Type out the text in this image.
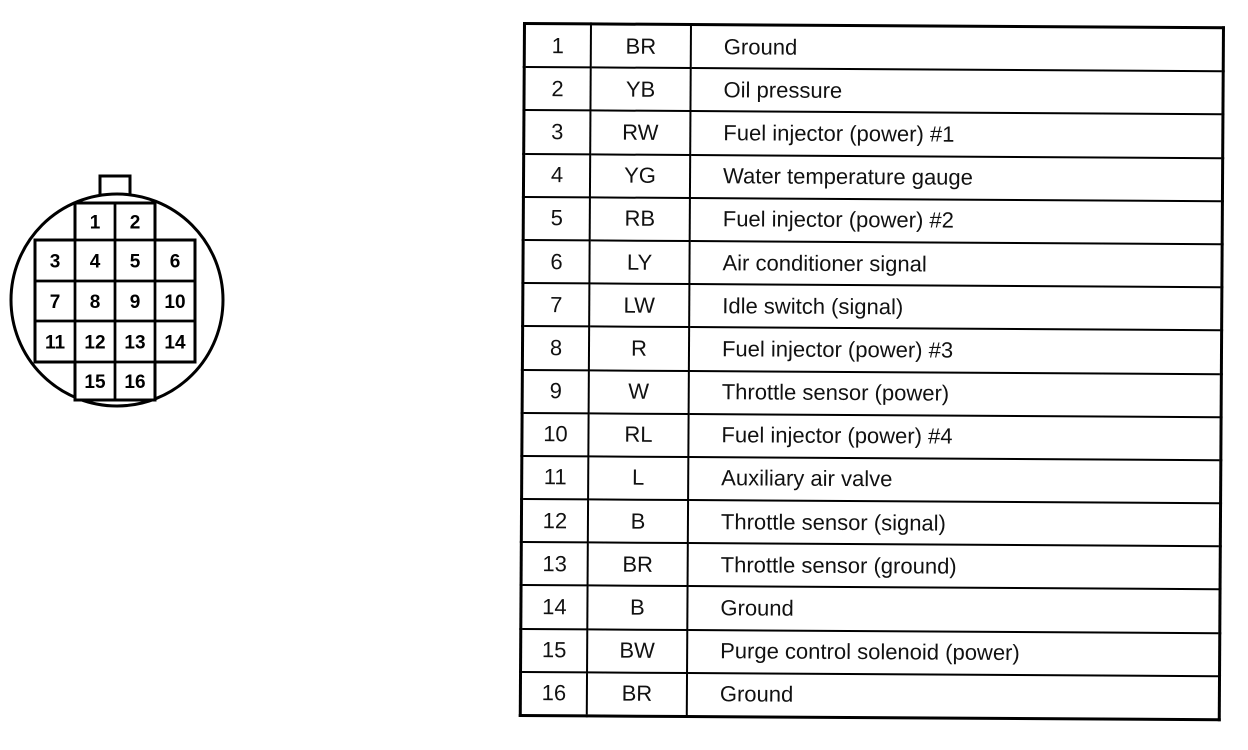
1 2
3 4 5 6
7 8 9 10
11 12 13 14
15 16
1	BR	Ground
2	YB	Oil pressure
3	RW	Fuel injector (power) #1
4	YG	Water temperature gauge
5	RB	Fuel injector (power) #2
6	LY	Air conditioner signal
7	LW	Idle switch (signal)
8	R	Fuel injector (power) #3
9	W	Throttle sensor (power)
10	RL	Fuel injector (power) #4
11	L	Auxiliary air valve
12	B	Throttle sensor (signal)
13	BR	Throttle sensor (ground)
14	B	Ground
15	BW	Purge control solenoid (power)
16	BR	Ground
